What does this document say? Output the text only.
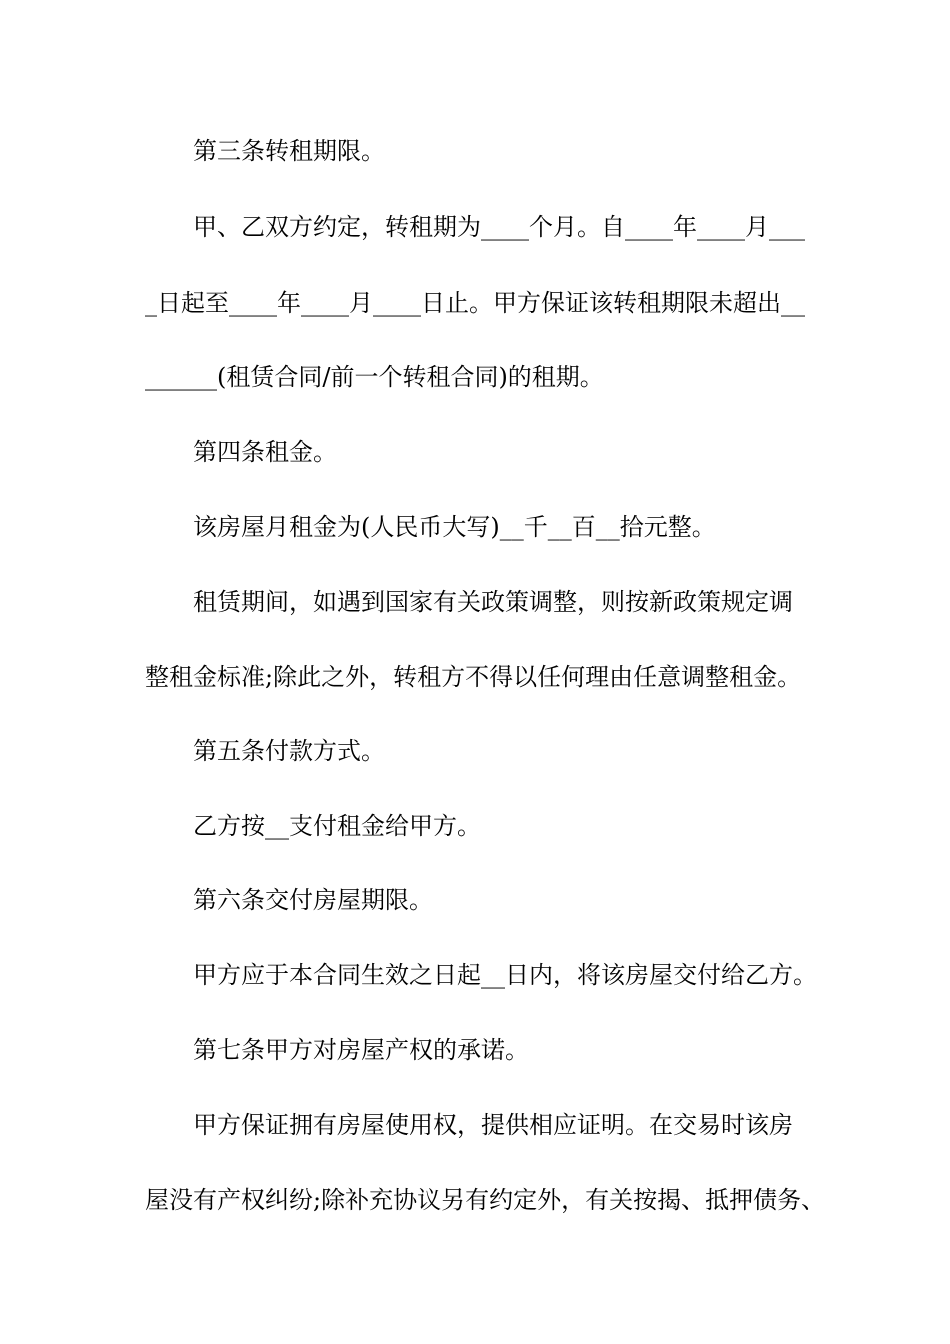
第三条转租期限。
甲、乙双方约定，转租期为____个月。自____年____月___
_日起至____年____月____日止。甲方保证该转租期限未超出__
______(租赁合同/前一个转租合同)的租期。
第四条租金。
该房屋月租金为(人民币大写)__千__百__拾元整。
租赁期间，如遇到国家有关政策调整，则按新政策规定调
整租金标准;除此之外，转租方不得以任何理由任意调整租金。
第五条付款方式。
乙方按__支付租金给甲方。
第六条交付房屋期限。
甲方应于本合同生效之日起__日内，将该房屋交付给乙方。
第七条甲方对房屋产权的承诺。
甲方保证拥有房屋使用权，提供相应证明。在交易时该房
屋没有产权纠纷;除补充协议另有约定外，有关按揭、抵押债务、
